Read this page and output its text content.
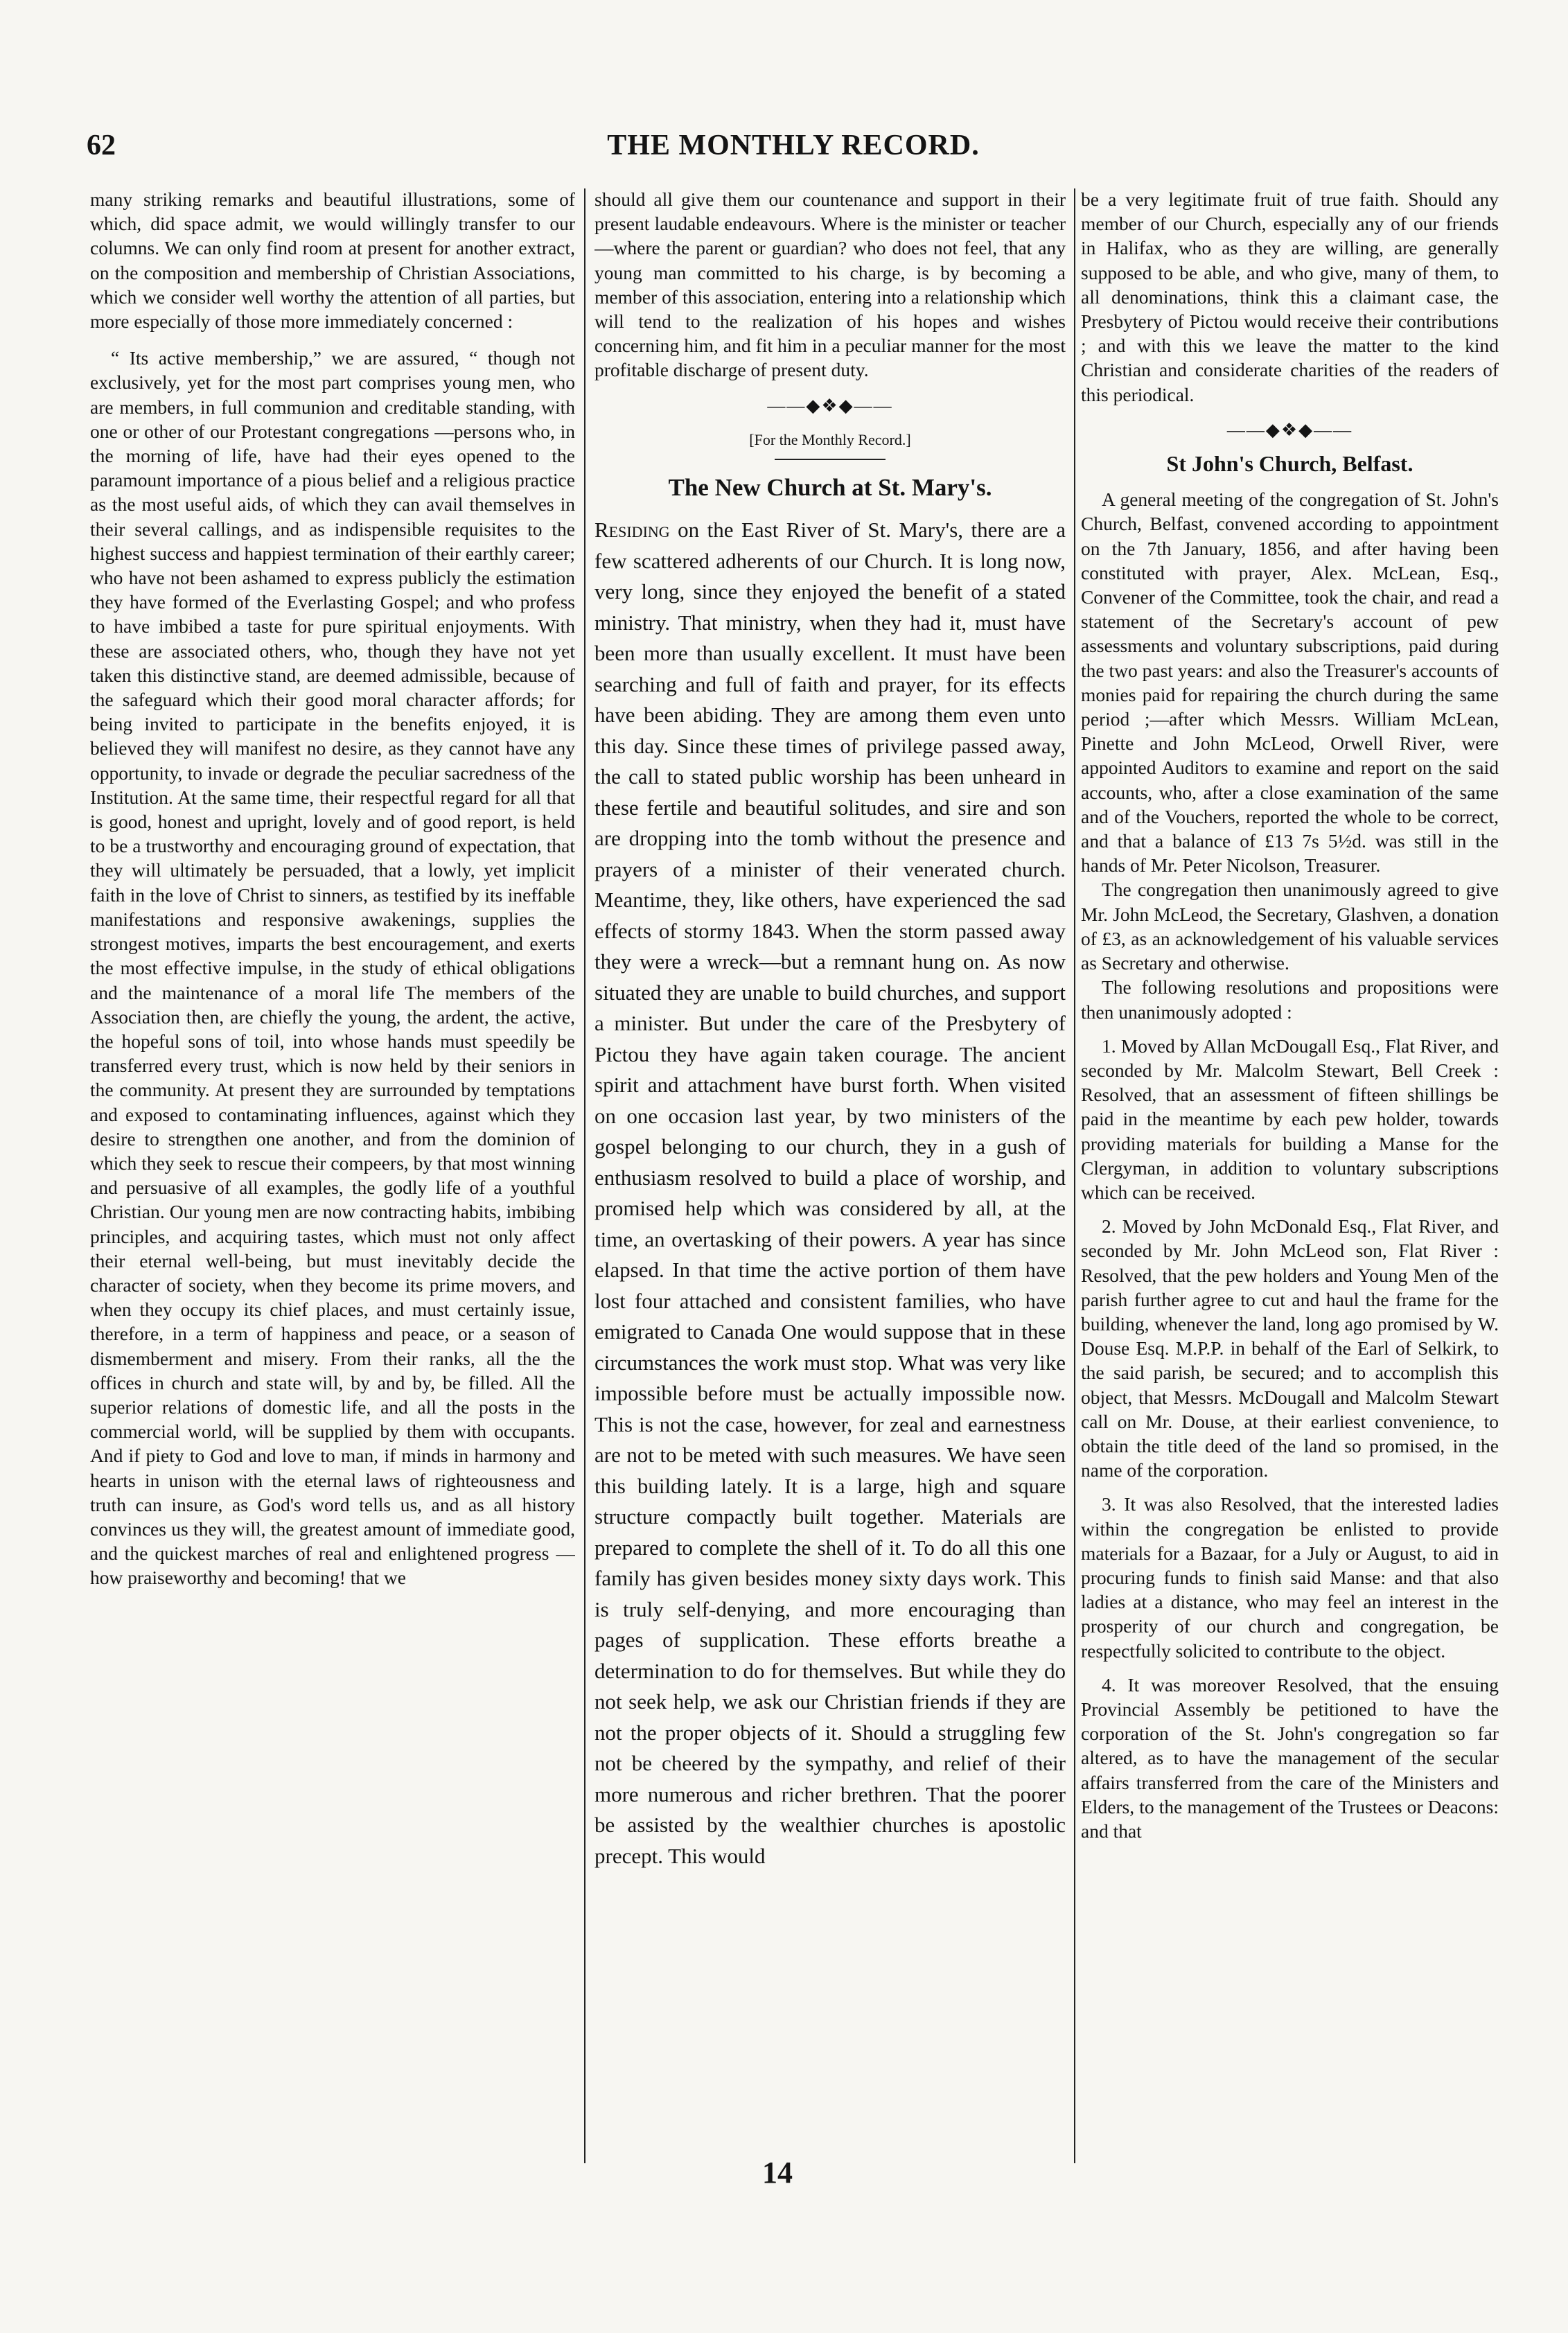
62	THE MONTHLY RECORD.

many striking remarks and beautiful illustrations, some of which, did space admit, we would willingly transfer to our columns. We can only find room at present for another extract, on the composition and membership of Christian Associations, which we consider well worthy the attention of all parties, but more especially of those more immediately concerned :

“ Its active membership,” we are assured, “ though not exclusively, yet for the most part comprises young men, who are members, in full communion and creditable standing, with one or other of our Protestant congregations —persons who, in the morning of life, have had their eyes opened to the paramount importance of a pious belief and a religious practice as the most useful aids, of which they can avail themselves in their several callings, and as indispensible requisites to the highest success and happiest termination of their earthly career; who have not been ashamed to express publicly the estimation they have formed of the Everlasting Gospel; and who profess to have imbibed a taste for pure spiritual enjoyments. With these are associated others, who, though they have not yet taken this distinctive stand, are deemed admissible, because of the safeguard which their good moral character affords; for being invited to participate in the benefits enjoyed, it is believed they will manifest no desire, as they cannot have any opportunity, to invade or degrade the peculiar sacredness of the Institution. At the same time, their respectful regard for all that is good, honest and upright, lovely and of good report, is held to be a trustworthy and encouraging ground of expectation, that they will ultimately be persuaded, that a lowly, yet implicit faith in the love of Christ to sinners, as testified by its ineffable manifestations and responsive awakenings, supplies the strongest motives, imparts the best encouragement, and exerts the most effective impulse, in the study of ethical obligations and the maintenance of a moral life The members of the Association then, are chiefly the young, the ardent, the active, the hopeful sons of toil, into whose hands must speedily be transferred every trust, which is now held by their seniors in the community. At present they are surrounded by temptations and exposed to contaminating influences, against which they desire to strengthen one another, and from the dominion of which they seek to rescue their compeers, by that most winning and persuasive of all examples, the godly life of a youthful Christian. Our young men are now contracting habits, imbibing principles, and acquiring tastes, which must not only affect their eternal well-being, but must inevitably decide the character of society, when they become its prime movers, and when they occupy its chief places, and must certainly issue, therefore, in a term of happiness and peace, or a season of dismemberment and misery. From their ranks, all the the offices in church and state will, by and by, be filled. All the superior relations of domestic life, and all the posts in the commercial world, will be supplied by them with occupants. And if piety to God and love to man, if minds in harmony and hearts in unison with the eternal laws of righteousness and truth can insure, as God's word tells us, and as all history convinces us they will, the greatest amount of immediate good, and the quickest marches of real and enlightened progress —how praiseworthy and becoming! that we

should all give them our countenance and support in their present laudable endeavours. Where is the minister or teacher—where the parent or guardian? who does not feel, that any young man committed to his charge, is by becoming a member of this association, entering into a relationship which will tend to the realization of his hopes and wishes concerning him, and fit him in a peculiar manner for the most profitable discharge of present duty.

——◆❖◆——
[For the Monthly Record.]
The New Church at St. Mary's.

Residing on the East River of St. Mary's, there are a few scattered adherents of our Church. It is long now, very long, since they enjoyed the benefit of a stated ministry. That ministry, when they had it, must have been more than usually excellent. It must have been searching and full of faith and prayer, for its effects have been abiding. They are among them even unto this day. Since these times of privilege passed away, the call to stated public worship has been unheard in these fertile and beautiful solitudes, and sire and son are dropping into the tomb without the presence and prayers of a minister of their venerated church. Meantime, they, like others, have experienced the sad effects of stormy 1843. When the storm passed away they were a wreck—but a remnant hung on. As now situated they are unable to build churches, and support a minister. But under the care of the Presbytery of Pictou they have again taken courage. The ancient spirit and attachment have burst forth. When visited on one occasion last year, by two ministers of the gospel belonging to our church, they in a gush of enthusiasm resolved to build a place of worship, and promised help which was considered by all, at the time, an overtasking of their powers. A year has since elapsed. In that time the active portion of them have lost four attached and consistent families, who have emigrated to Canada One would suppose that in these circumstances the work must stop. What was very like impossible before must be actually impossible now. This is not the case, however, for zeal and earnestness are not to be meted with such measures. We have seen this building lately. It is a large, high and square structure compactly built together. Materials are prepared to complete the shell of it. To do all this one family has given besides money sixty days work. This is truly self-denying, and more encouraging than pages of supplication. These efforts breathe a determination to do for themselves. But while they do not seek help, we ask our Christian friends if they are not the proper objects of it. Should a struggling few not be cheered by the sympathy, and relief of their more numerous and richer brethren. That the poorer be assisted by the wealthier churches is apostolic precept. This would

be a very legitimate fruit of true faith. Should any member of our Church, especially any of our friends in Halifax, who as they are willing, are generally supposed to be able, and who give, many of them, to all denominations, think this a claimant case, the Presbytery of Pictou would receive their contributions ; and with this we leave the matter to the kind Christian and considerate charities of the readers of this periodical.

——◆❖◆——
St John's Church, Belfast.

A general meeting of the congregation of St. John's Church, Belfast, convened according to appointment on the 7th January, 1856, and after having been constituted with prayer, Alex. McLean, Esq., Convener of the Committee, took the chair, and read a statement of the Secretary's account of pew assessments and voluntary subscriptions, paid during the two past years: and also the Treasurer's accounts of monies paid for repairing the church during the same period ;—after which Messrs. William McLean, Pinette and John McLeod, Orwell River, were appointed Auditors to examine and report on the said accounts, who, after a close examination of the same and of the Vouchers, reported the whole to be correct, and that a balance of £13 7s 5½d. was still in the hands of Mr. Peter Nicolson, Treasurer.

The congregation then unanimously agreed to give Mr. John McLeod, the Secretary, Glashven, a donation of £3, as an acknowledgement of his valuable services as Secretary and otherwise.

The following resolutions and propositions were then unanimously adopted :

1. Moved by Allan McDougall Esq., Flat River, and seconded by Mr. Malcolm Stewart, Bell Creek : Resolved, that an assessment of fifteen shillings be paid in the meantime by each pew holder, towards providing materials for building a Manse for the Clergyman, in addition to voluntary subscriptions which can be received.

2. Moved by John McDonald Esq., Flat River, and seconded by Mr. John McLeod son, Flat River : Resolved, that the pew holders and Young Men of the parish further agree to cut and haul the frame for the building, whenever the land, long ago promised by W. Douse Esq. M.P.P. in behalf of the Earl of Selkirk, to the said parish, be secured; and to accomplish this object, that Messrs. McDougall and Malcolm Stewart call on Mr. Douse, at their earliest convenience, to obtain the title deed of the land so promised, in the name of the corporation.

3. It was also Resolved, that the interested ladies within the congregation be enlisted to provide materials for a Bazaar, for a July or August, to aid in procuring funds to finish said Manse: and that also ladies at a distance, who may feel an interest in the prosperity of our church and congregation, be respectfully solicited to contribute to the object.

4. It was moreover Resolved, that the ensuing Provincial Assembly be petitioned to have the corporation of the St. John's congregation so far altered, as to have the management of the secular affairs transferred from the care of the Ministers and Elders, to the management of the Trustees or Deacons: and that

14
